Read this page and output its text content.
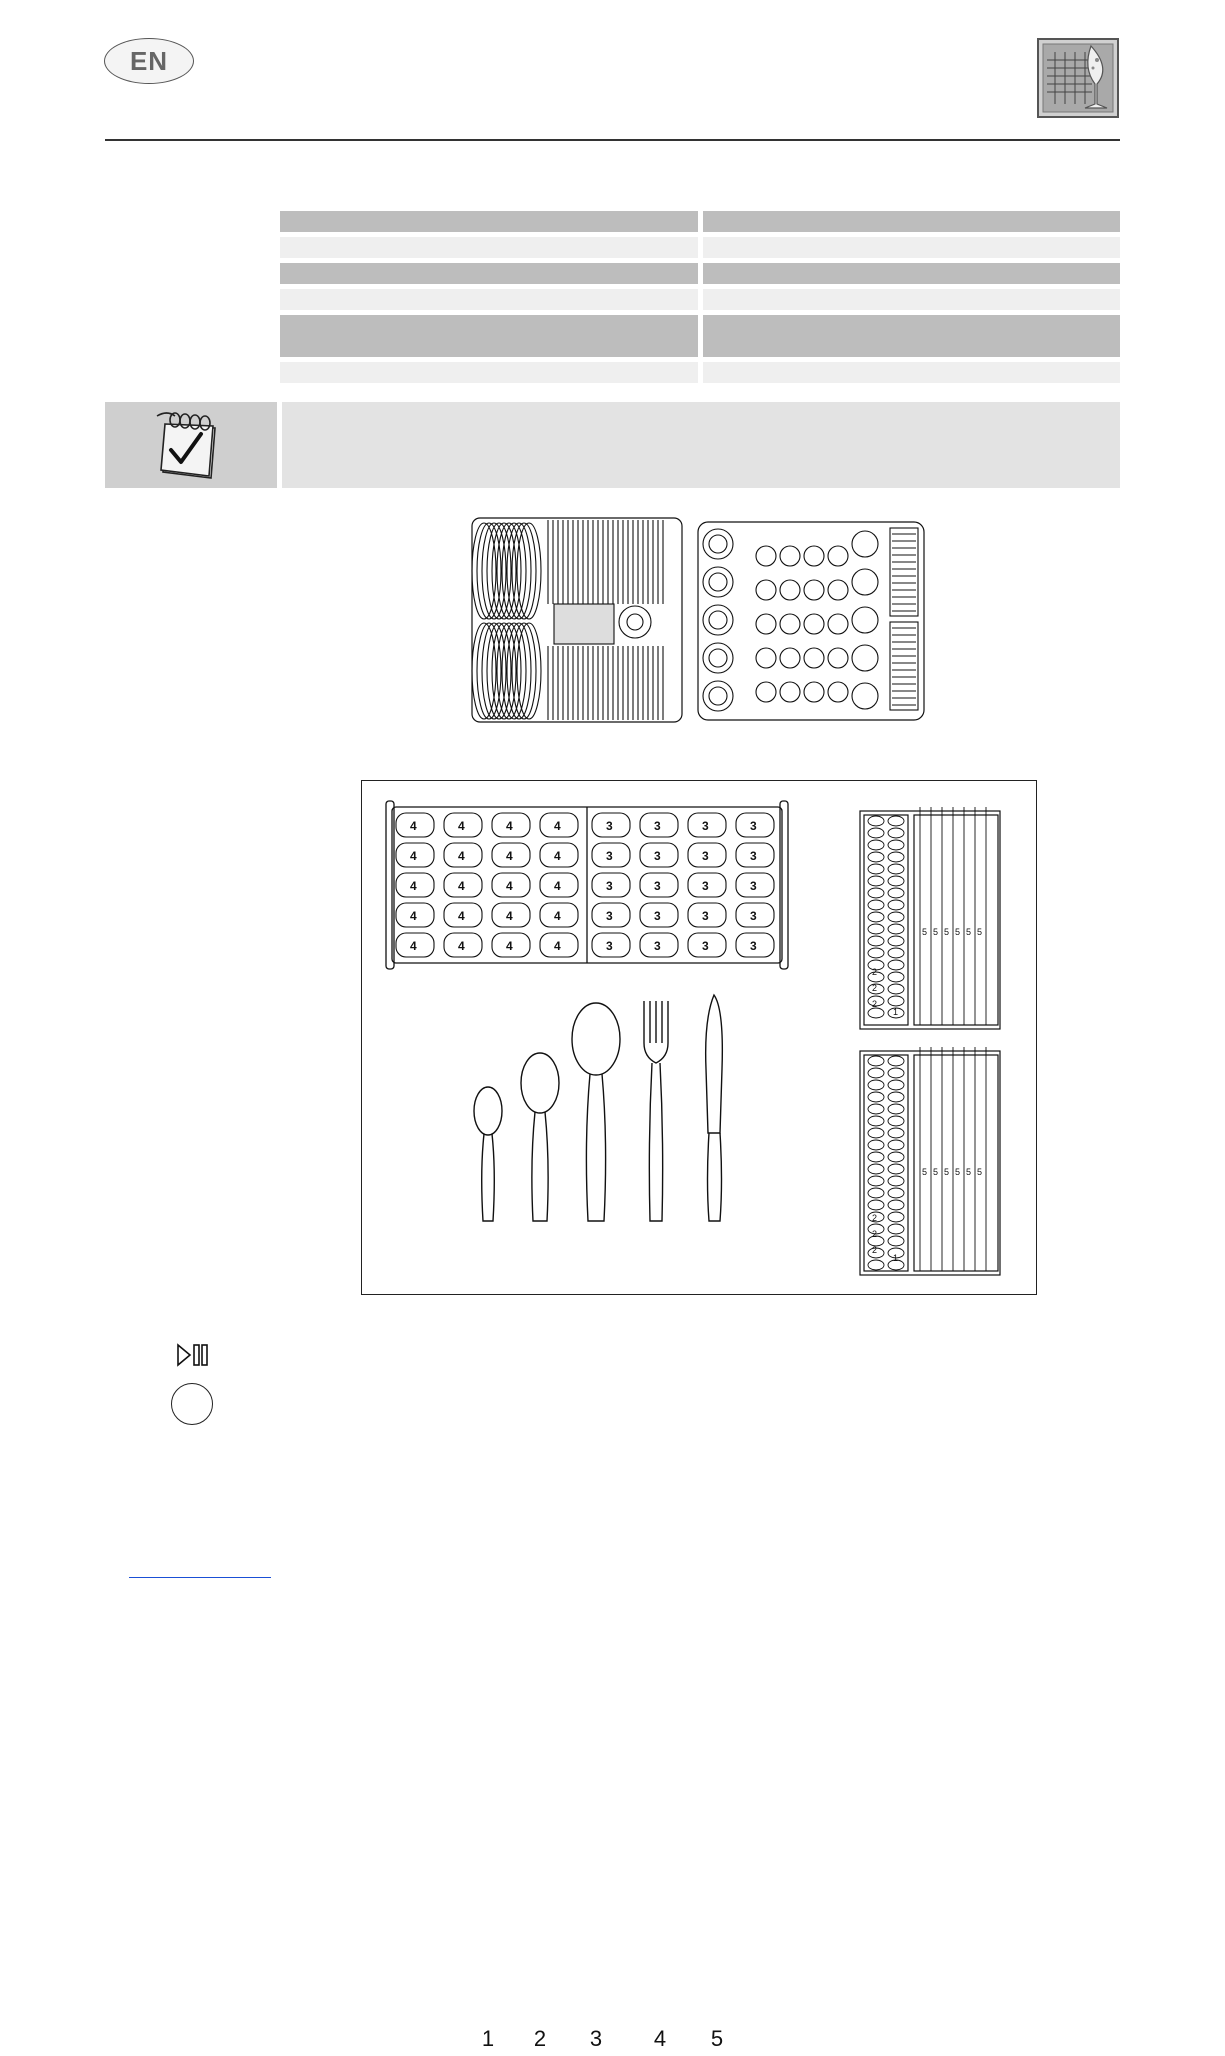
EN
4	4
4	4
4	4
4	4
4	4
4	4
4	4
4	4
4	4
4	4
3	3
3	3
3	3
3	3
3	3
3	3
3	3
3	3
3	3
3	3
5 5 5 5 5 5
2
2
2
1
5 5 5 5 5 5
2
2
2
1
1 2 3 4 5
